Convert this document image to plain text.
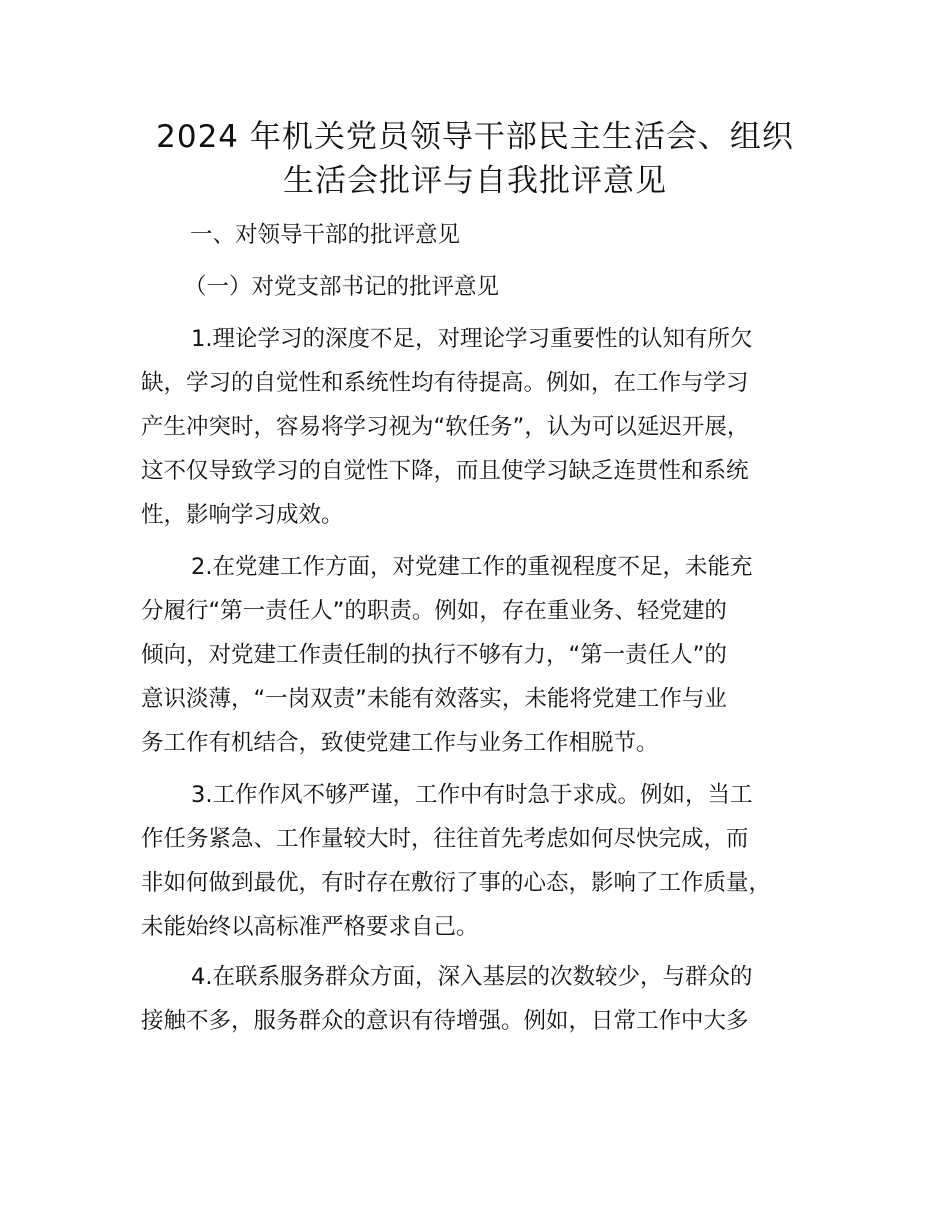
2024 年机关党员领导干部民主生活会、组织
生活会批评与自我批评意见

一、对领导干部的批评意见

（一）对党支部书记的批评意见

1.理论学习的深度不足，对理论学习重要性的认知有所欠
缺，学习的自觉性和系统性均有待提高。例如，在工作与学习
产生冲突时，容易将学习视为“软任务”，认为可以延迟开展，
这不仅导致学习的自觉性下降，而且使学习缺乏连贯性和系统
性，影响学习成效。
2.在党建工作方面，对党建工作的重视程度不足，未能充
分履行“第一责任人”的职责。例如，存在重业务、轻党建的
倾向，对党建工作责任制的执行不够有力，“第一责任人”的
意识淡薄，“一岗双责”未能有效落实，未能将党建工作与业
务工作有机结合，致使党建工作与业务工作相脱节。
3.工作作风不够严谨，工作中有时急于求成。例如，当工
作任务紧急、工作量较大时，往往首先考虑如何尽快完成，而
非如何做到最优，有时存在敷衍了事的心态，影响了工作质量，
未能始终以高标准严格要求自己。
4.在联系服务群众方面，深入基层的次数较少，与群众的
接触不多，服务群众的意识有待增强。例如，日常工作中大多
